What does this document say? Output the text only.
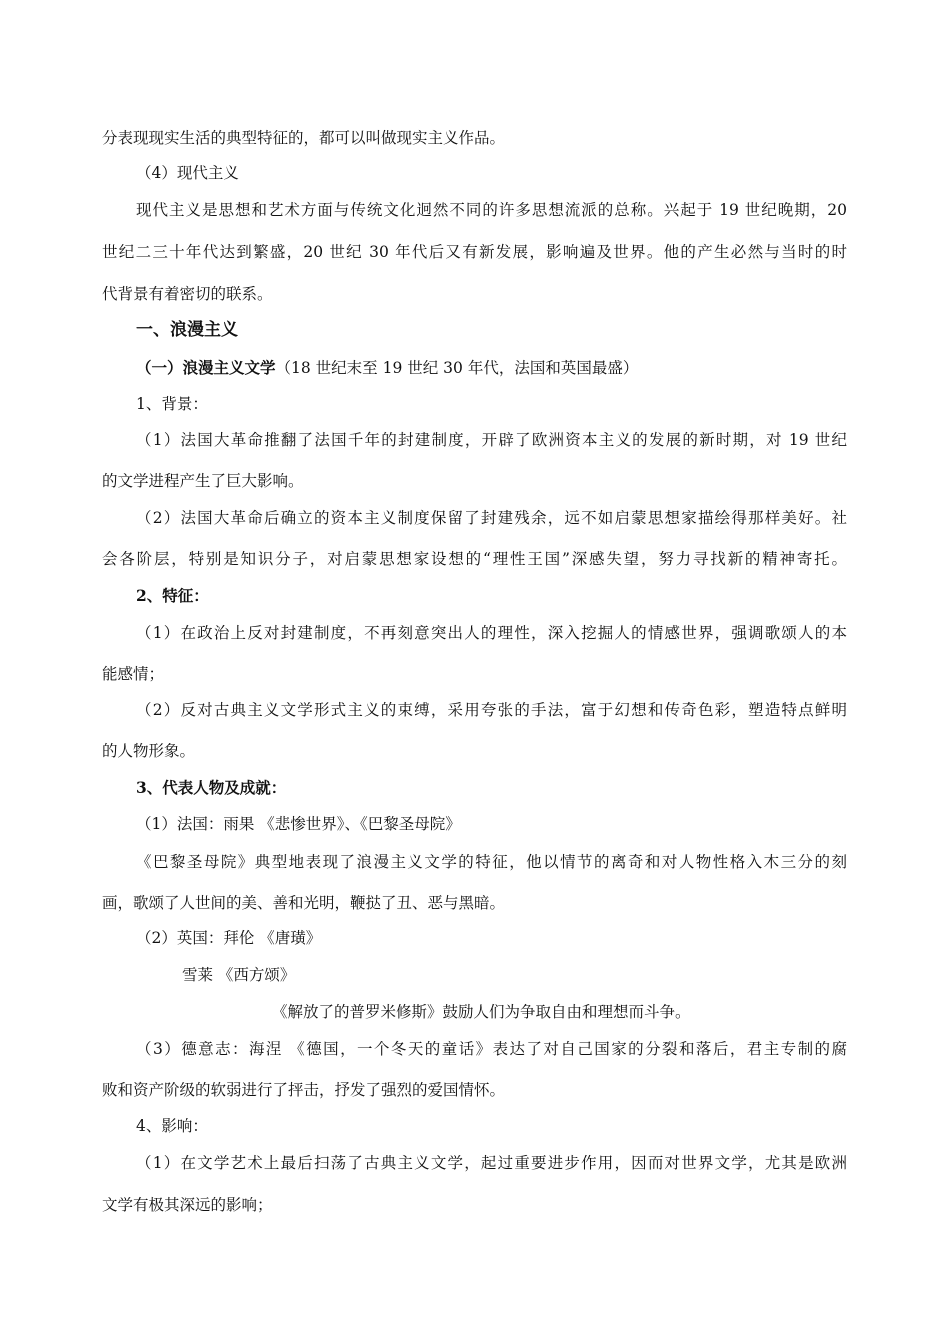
分表现现实生活的典型特征的，都可以叫做现实主义作品。
（4）现代主义
现代主义是思想和艺术方面与传统文化迥然不同的许多思想流派的总称。兴起于 19 世纪晚期，20
世纪二三十年代达到繁盛，20 世纪 30 年代后又有新发展，影响遍及世界。他的产生必然与当时的时
代背景有着密切的联系。
一、浪漫主义
（一）浪漫主义文学（18 世纪末至 19 世纪 30 年代，法国和英国最盛）
1、背景：
（1）法国大革命推翻了法国千年的封建制度，开辟了欧洲资本主义的发展的新时期，对 19 世纪
的文学进程产生了巨大影响。
（2）法国大革命后确立的资本主义制度保留了封建残余，远不如启蒙思想家描绘得那样美好。社
会各阶层，特别是知识分子，对启蒙思想家设想的“理性王国”深感失望，努力寻找新的精神寄托。
2、特征：
（1）在政治上反对封建制度，不再刻意突出人的理性，深入挖掘人的情感世界，强调歌颂人的本
能感情；
（2）反对古典主义文学形式主义的束缚，采用夸张的手法，富于幻想和传奇色彩，塑造特点鲜明
的人物形象。
3、代表人物及成就：
（1）法国：雨果 《悲惨世界》、《巴黎圣母院》
《巴黎圣母院》典型地表现了浪漫主义文学的特征，他以情节的离奇和对人物性格入木三分的刻
画，歌颂了人世间的美、善和光明，鞭挞了丑、恶与黑暗。
（2）英国：拜伦 《唐璜》
雪莱 《西方颂》
《解放了的普罗米修斯》鼓励人们为争取自由和理想而斗争。
（3）德意志：海涅 《德国，一个冬天的童话》表达了对自己国家的分裂和落后，君主专制的腐
败和资产阶级的软弱进行了抨击，抒发了强烈的爱国情怀。
4、影响：
（1）在文学艺术上最后扫荡了古典主义文学，起过重要进步作用，因而对世界文学，尤其是欧洲
文学有极其深远的影响；
